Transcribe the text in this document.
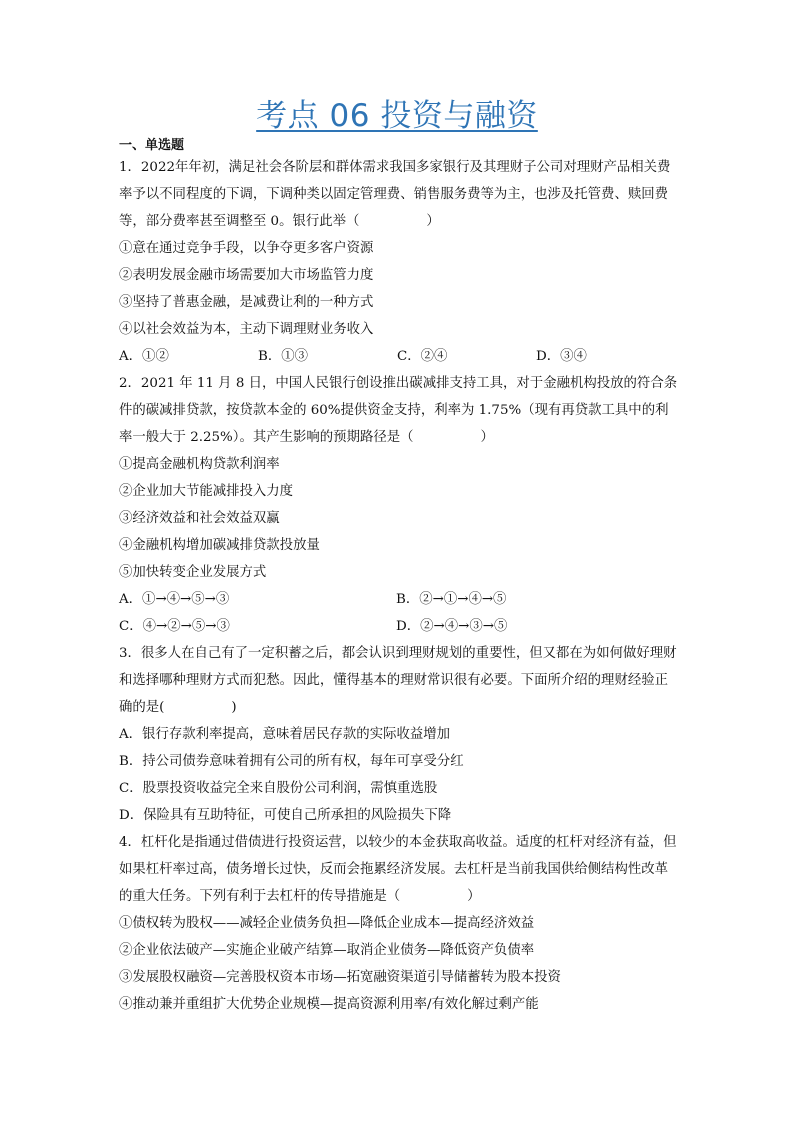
考点 06 投资与融资
一、单选题

1．2022年年初，满足社会各阶层和群体需求我国多家银行及其理财子公司对理财产品相关费率予以不同程度的下调，下调种类以固定管理费、销售服务费等为主，也涉及托管费、赎回费等，部分费率甚至调整至 0。银行此举（　　　　　）

①意在通过竞争手段，以争夺更多客户资源

②表明发展金融市场需要加大市场监管力度

③坚持了普惠金融，是减费让利的一种方式

④以社会效益为本，主动下调理财业务收入

A．①②	B．①③	C．②④	D．③④

2．2021 年 11 月 8 日，中国人民银行创设推出碳减排支持工具，对于金融机构投放的符合条件的碳减排贷款，按贷款本金的 60%提供资金支持，利率为 1.75%（现有再贷款工具中的利率一般大于 2.25%）。其产生影响的预期路径是（　　　　　）

①提高金融机构贷款利润率

②企业加大节能减排投入力度

③经济效益和社会效益双赢

④金融机构增加碳减排贷款投放量

⑤加快转变企业发展方式

A．①→④→⑤→③	B．②→①→④→⑤
C．④→②→⑤→③	D．②→④→③→⑤

3．很多人在自己有了一定积蓄之后，都会认识到理财规划的重要性，但又都在为如何做好理财和选择哪种理财方式而犯愁。因此，懂得基本的理财常识很有必要。下面所介绍的理财经验正确的是(　　　　　)

A．银行存款利率提高，意味着居民存款的实际收益增加

B．持公司债券意味着拥有公司的所有权，每年可享受分红

C．股票投资收益完全来自股份公司利润，需慎重选股

D．保险具有互助特征，可使自己所承担的风险损失下降

4．杠杆化是指通过借债进行投资运营，以较少的本金获取高收益。适度的杠杆对经济有益，但如果杠杆率过高，债务增长过快，反而会拖累经济发展。去杠杆是当前我国供给侧结构性改革的重大任务。下列有利于去杠杆的传导措施是（　　　　　）

①债权转为股权——减轻企业债务负担—降低企业成本—提高经济效益

②企业依法破产—实施企业破产结算—取消企业债务—降低资产负债率

③发展股权融资—完善股权资本市场—拓宽融资渠道引导储蓄转为股本投资

④推动兼并重组扩大优势企业规模—提高资源利用率/有效化解过剩产能
